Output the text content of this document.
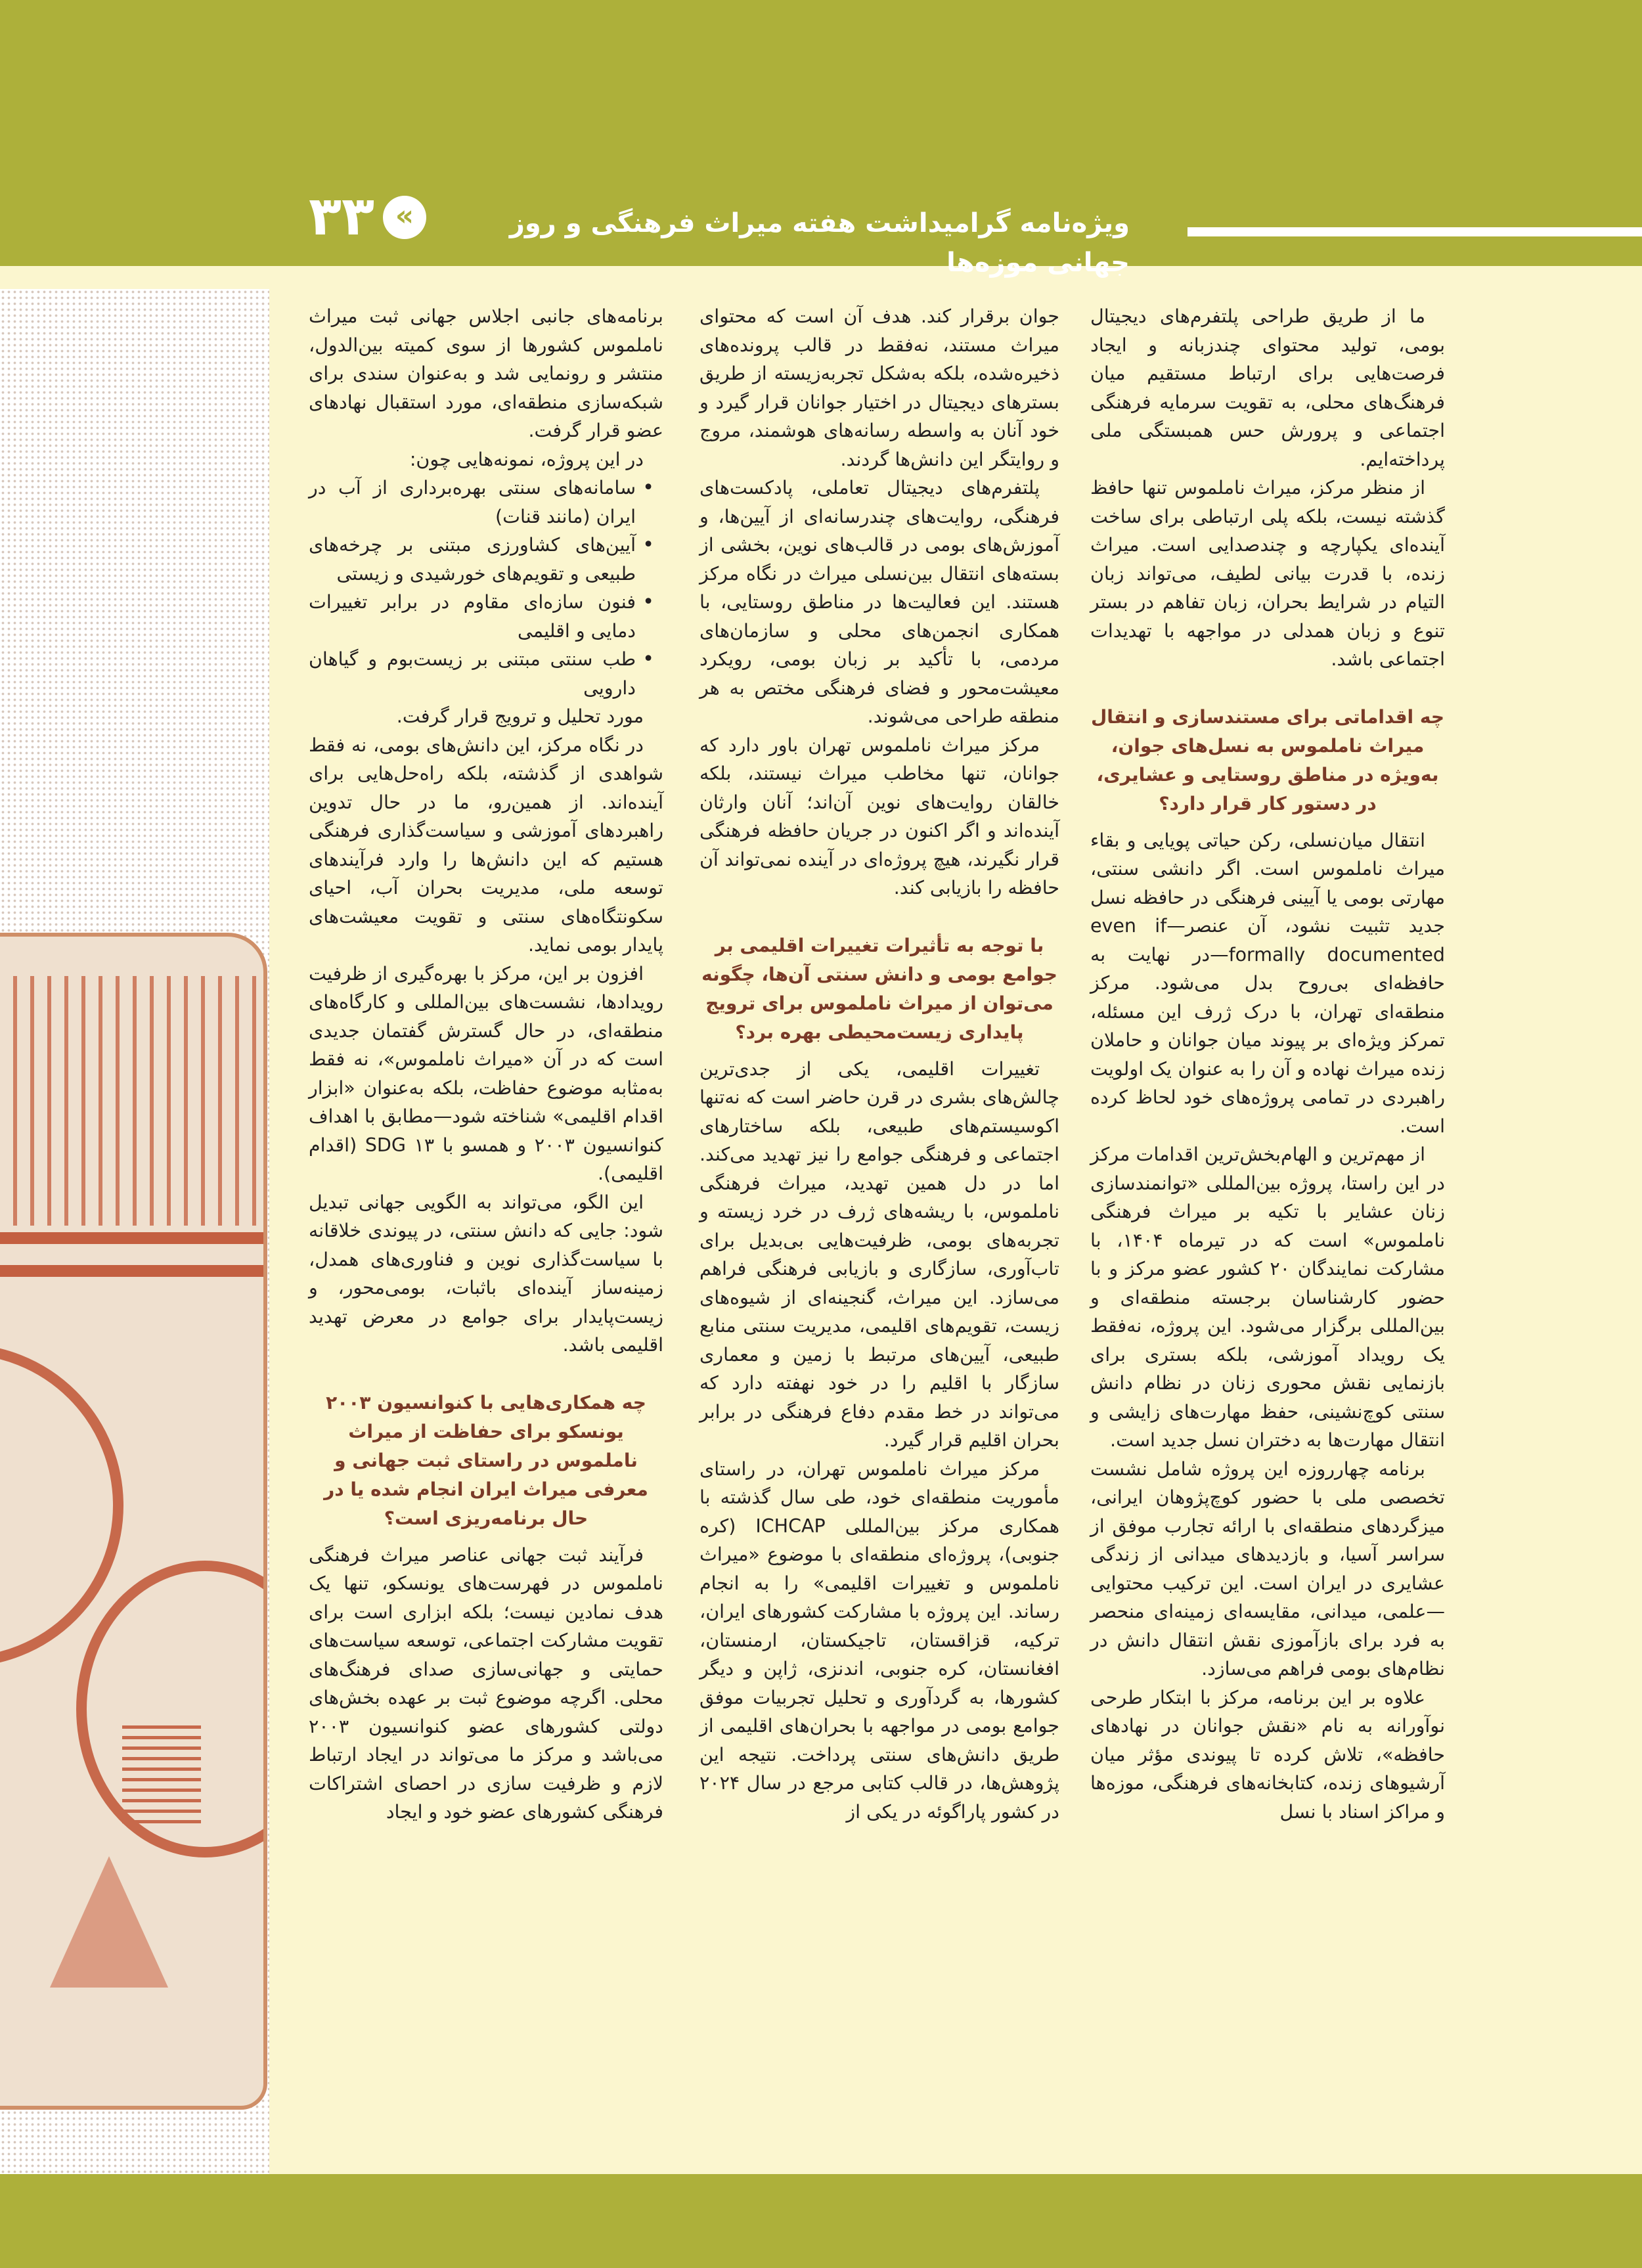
ویژه‌نامه گرامیداشت هفته میراث فرهنگی و روز جهانی موزه‌ها
«
۳۳

ما از طریق طراحی پلتفرم‌های دیجیتال بومی، تولید محتوای چندزبانه و ایجاد فرصت‌هایی برای ارتباط مستقیم میان فرهنگ‌های محلی، به تقویت سرمایه فرهنگی اجتماعی و پرورش حس همبستگی ملی پرداخته‌ایم.

از منظر مرکز، میراث ناملموس تنها حافظ گذشته نیست، بلکه پلی ارتباطی برای ساخت آینده‌ای یکپارچه و چندصدایی است. میراث زنده، با قدرت بیانی لطیف، می‌تواند زبان التیام در شرایط بحران، زبان تفاهم در بستر تنوع و زبان همدلی در مواجهه با تهدیدات اجتماعی باشد.

چه اقداماتی برای مستندسازی و انتقال میراث ناملموس به نسل‌های جوان، به‌ویژه در مناطق روستایی و عشایری، در دستور کار قرار دارد؟

انتقال میان‌نسلی، رکن حیاتی پویایی و بقاء میراث ناملموس است. اگر دانشی سنتی، مهارتی بومی یا آیینی فرهنگی در حافظه نسل جدید تثبیت نشود، آن عنصر—even if formally documented—در نهایت به حافظه‌ای بی‌روح بدل می‌شود. مرکز منطقه‌ای تهران، با درک ژرف این مسئله، تمرکز ویژه‌ای بر پیوند میان جوانان و حاملان زنده میراث نهاده و آن را به عنوان یک اولویت راهبردی در تمامی پروژه‌های خود لحاظ کرده است.

از مهم‌ترین و الهام‌بخش‌ترین اقدامات مرکز در این راستا، پروژه بین‌المللی «توانمندسازی زنان عشایر با تکیه بر میراث فرهنگی ناملموس» است که در تیرماه ۱۴۰۴، با مشارکت نمایندگان ۲۰ کشور عضو مرکز و با حضور کارشناسان برجسته منطقه‌ای و بین‌المللی برگزار می‌شود. این پروژه، نه‌فقط یک رویداد آموزشی، بلکه بستری برای بازنمایی نقش محوری زنان در نظام دانش سنتی کوچ‌نشینی، حفظ مهارت‌های زایشی و انتقال مهارت‌ها به دختران نسل جدید است.

برنامه چهارروزه این پروژه شامل نشست تخصصی ملی با حضور کوچ‌پژوهان ایرانی، میزگردهای منطقه‌ای با ارائه تجارب موفق از سراسر آسیا، و بازدیدهای میدانی از زندگی عشایری در ایران است. این ترکیب محتوایی—علمی، میدانی، مقایسه‌ای زمینه‌ای منحصر به فرد برای بازآموزی نقش انتقال دانش در نظام‌های بومی فراهم می‌سازد.

علاوه بر این برنامه، مرکز با ابتکار طرحی نوآورانه به نام «نقش جوانان در نهادهای حافظه»، تلاش کرده تا پیوندی مؤثر میان آرشیوهای زنده، کتابخانه‌های فرهنگی، موزه‌ها و مراکز اسناد با نسل

جوان برقرار کند. هدف آن است که محتوای میراث مستند، نه‌فقط در قالب پرونده‌های ذخیره‌شده، بلکه به‌شکل تجربه‌زیسته از طریق بسترهای دیجیتال در اختیار جوانان قرار گیرد و خود آنان به واسطه رسانه‌های هوشمند، مروج و روایتگر این دانش‌ها گردند.

پلتفرم‌های دیجیتال تعاملی، پادکست‌های فرهنگی، روایت‌های چندرسانه‌ای از آیین‌ها، و آموزش‌های بومی در قالب‌های نوین، بخشی از بسته‌های انتقال بین‌نسلی میراث در نگاه مرکز هستند. این فعالیت‌ها در مناطق روستایی، با همکاری انجمن‌های محلی و سازمان‌های مردمی، با تأکید بر زبان بومی، رویکرد معیشت‌محور و فضای فرهنگی مختص به هر منطقه طراحی می‌شوند.

مرکز میراث ناملموس تهران باور دارد که جوانان، تنها مخاطب میراث نیستند، بلکه خالقان روایت‌های نوین آن‌اند؛ آنان وارثان آینده‌اند و اگر اکنون در جریان حافظه فرهنگی قرار نگیرند، هیچ پروژه‌ای در آینده نمی‌تواند آن حافظه را بازیابی کند.

با توجه به تأثیرات تغییرات اقلیمی بر جوامع بومی و دانش سنتی آن‌ها، چگونه می‌توان از میراث ناملموس برای ترویج پایداری زیست‌محیطی بهره برد؟

تغییرات اقلیمی، یکی از جدی‌ترین چالش‌های بشری در قرن حاضر است که نه‌تنها اکوسیستم‌های طبیعی، بلکه ساختارهای اجتماعی و فرهنگی جوامع را نیز تهدید می‌کند. اما در دل همین تهدید، میراث فرهنگی ناملموس، با ریشه‌های ژرف در خرد زیسته و تجربه‌های بومی، ظرفیت‌هایی بی‌بدیل برای تاب‌آوری، سازگاری و بازیابی فرهنگی فراهم می‌سازد. این میراث، گنجینه‌ای از شیوه‌های زیست، تقویم‌های اقلیمی، مدیریت سنتی منابع طبیعی، آیین‌های مرتبط با زمین و معماری سازگار با اقلیم را در خود نهفته دارد که می‌تواند در خط مقدم دفاع فرهنگی در برابر بحران اقلیم قرار گیرد.

مرکز میراث ناملموس تهران، در راستای مأموریت منطقه‌ای خود، طی سال گذشته با همکاری مرکز بین‌المللی ICHCAP (کره جنوبی)، پروژه‌ای منطقه‌ای با موضوع «میراث ناملموس و تغییرات اقلیمی» را به انجام رساند. این پروژه با مشارکت کشورهای ایران، ترکیه، قزاقستان، تاجیکستان، ارمنستان، افغانستان، کره جنوبی، اندنزی، ژاپن و دیگر کشورها، به گردآوری و تحلیل تجربیات موفق جوامع بومی در مواجهه با بحران‌های اقلیمی از طریق دانش‌های سنتی پرداخت. نتیجه این پژوهش‌ها، در قالب کتابی مرجع در سال ۲۰۲۴ در کشور پاراگوئه در یکی از

برنامه‌های جانبی اجلاس جهانی ثبت میراث ناملموس کشورها از سوی کمیته بین‌الدول، منتشر و رونمایی شد و به‌عنوان سندی برای شبکه‌سازی منطقه‌ای، مورد استقبال نهادهای عضو قرار گرفت.

در این پروژه، نمونه‌هایی چون:

• سامانه‌های سنتی بهره‌برداری از آب در ایران (مانند قنات)
• آیین‌های کشاورزی مبتنی بر چرخه‌های طبیعی و تقویم‌های خورشیدی و زیستی
• فنون سازه‌ای مقاوم در برابر تغییرات دمایی و اقلیمی
• طب سنتی مبتنی بر زیست‌بوم و گیاهان دارویی

مورد تحلیل و ترویج قرار گرفت.

در نگاه مرکز، این دانش‌های بومی، نه فقط شواهدی از گذشته، بلکه راه‌حل‌هایی برای آینده‌اند. از همین‌رو، ما در حال تدوین راهبردهای آموزشی و سیاست‌گذاری فرهنگی هستیم که این دانش‌ها را وارد فرآیندهای توسعه ملی، مدیریت بحران آب، احیای سکونتگاه‌های سنتی و تقویت معیشت‌های پایدار بومی نماید.

افزون بر این، مرکز با بهره‌گیری از ظرفیت رویدادها، نشست‌های بین‌المللی و کارگاه‌های منطقه‌ای، در حال گسترش گفتمان جدیدی است که در آن «میراث ناملموس»، نه فقط به‌مثابه موضوع حفاظت، بلکه به‌عنوان «ابزار اقدام اقلیمی» شناخته شود—مطابق با اهداف کنوانسیون ۲۰۰۳ و همسو با SDG ۱۳ (اقدام اقلیمی).

این الگو، می‌تواند به الگویی جهانی تبدیل شود: جایی که دانش سنتی، در پیوندی خلاقانه با سیاست‌گذاری نوین و فناوری‌های همدل، زمینه‌ساز آینده‌ای باثبات، بومی‌محور، و زیست‌پایدار برای جوامع در معرض تهدید اقلیمی باشد.

چه همکاری‌هایی با کنوانسیون ۲۰۰۳ یونسکو برای حفاظت از میراث ناملموس در راستای ثبت جهانی و معرفی میراث ایران انجام شده یا در حال برنامه‌ریزی است؟

فرآیند ثبت جهانی عناصر میراث فرهنگی ناملموس در فهرست‌های یونسکو، تنها یک هدف نمادین نیست؛ بلکه ابزاری است برای تقویت مشارکت اجتماعی، توسعه سیاست‌های حمایتی و جهانی‌سازی صدای فرهنگ‌های محلی. اگرچه موضوع ثبت بر عهده بخش‌های دولتی کشورهای عضو کنوانسیون ۲۰۰۳ می‌باشد و مرکز ما می‌تواند در ایجاد ارتباط لازم و ظرفیت سازی در احصای اشتراکات فرهنگی کشورهای عضو خود و ایجاد
